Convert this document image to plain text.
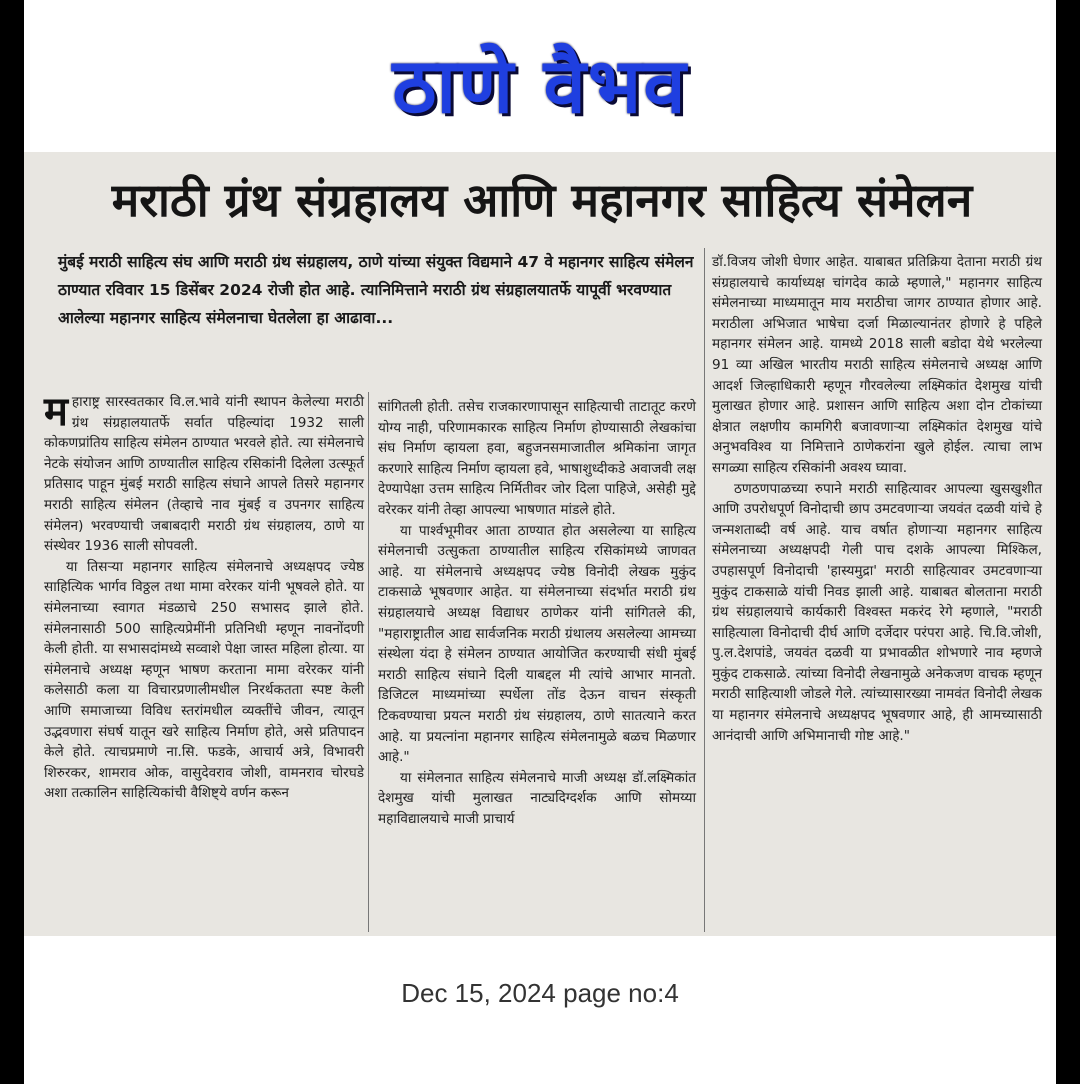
ठाणे वैभव
मराठी ग्रंथ संग्रहालय आणि महानगर साहित्य संमेलन
मुंबई मराठी साहित्य संघ आणि मराठी ग्रंथ संग्रहालय, ठाणे यांच्या संयुक्त विद्यमाने 47 वे महानगर साहित्य संमेलन ठाण्यात रविवार 15 डिसेंबर 2024 रोजी होत आहे. त्यानिमित्ताने मराठी ग्रंथ संग्रहालयातर्फे यापूर्वी भरवण्यात आलेल्या महानगर साहित्य संमेलनाचा घेतलेला हा आढावा...

महाराष्ट्र सारस्वतकार वि.ल.भावे यांनी स्थापन केलेल्या मराठी ग्रंथ संग्रहालयातर्फे सर्वात पहिल्यांदा 1932 साली कोकणप्रांतिय साहित्य संमेलन ठाण्यात भरवले होते. त्या संमेलनाचे नेटके संयोजन आणि ठाण्यातील साहित्य रसिकांनी दिलेला उत्स्फूर्त प्रतिसाद पाहून मुंबई मराठी साहित्य संघाने आपले तिसरे महानगर मराठी साहित्य संमेलन (तेव्हाचे नाव मुंबई व उपनगर साहित्य संमेलन) भरवण्याची जबाबदारी मराठी ग्रंथ संग्रहालय, ठाणे या संस्थेवर 1936 साली सोपवली.

या तिसऱ्या महानगर साहित्य संमेलनाचे अध्यक्षपद ज्येष्ठ साहित्यिक भार्गव विठ्ठल तथा मामा वरेरकर यांनी भूषवले होते. या संमेलनाच्या स्वागत मंडळाचे 250 सभासद झाले होते. संमेलनासाठी 500 साहित्यप्रेमींनी प्रतिनिधी म्हणून नावनोंदणी केली होती. या सभासदांमध्ये सव्वाशे पेक्षा जास्त महिला होत्या. या संमेलनाचे अध्यक्ष म्हणून भाषण करताना मामा वरेरकर यांनी कलेसाठी कला या विचारप्रणालीमधील निरर्थकतता स्पष्ट केली आणि समाजाच्या विविध स्तरांमधील व्यक्तींचे जीवन, त्यातून उद्भवणारा संघर्ष यातून खरे साहित्य निर्माण होते, असे प्रतिपादन केले होते. त्याचप्रमाणे ना.सि. फडके, आचार्य अत्रे, विभावरी शिरुरकर, शामराव ओक, वासुदेवराव जोशी, वामनराव चोरघडे अशा तत्कालिन साहित्यिकांची वैशिष्ट्ये वर्णन करून

सांगितली होती. तसेच राजकारणापासून साहित्याची ताटातूट करणे योग्य नाही, परिणामकारक साहित्य निर्माण होण्यासाठी लेखकांचा संघ निर्माण व्हायला हवा, बहुजनसमाजातील श्रमिकांना जागृत करणारे साहित्य निर्माण व्हायला हवे, भाषाशुध्दीकडे अवाजवी लक्ष देण्यापेक्षा उत्तम साहित्य निर्मितीवर जोर दिला पाहिजे, असेही मुद्दे वरेरकर यांनी तेव्हा आपल्या भाषणात मांडले होते.

या पार्श्वभूमीवर आता ठाण्यात होत असलेल्या या साहित्य संमेलनाची उत्सुकता ठाण्यातील साहित्य रसिकांमध्ये जाणवत आहे. या संमेलनाचे अध्यक्षपद ज्येष्ठ विनोदी लेखक मुकुंद टाकसाळे भूषवणार आहेत. या संमेलनाच्या संदर्भात मराठी ग्रंथ संग्रहालयाचे अध्यक्ष विद्याधर ठाणेकर यांनी सांगितले की, "महाराष्ट्रातील आद्य सार्वजनिक मराठी ग्रंथालय असलेल्या आमच्या संस्थेला यंदा हे संमेलन ठाण्यात आयोजित करण्याची संधी मुंबई मराठी साहित्य संघाने दिली याबद्दल मी त्यांचे आभार मानतो. डिजिटल माध्यमांच्या स्पर्धेला तोंड देऊन वाचन संस्कृती टिकवण्याचा प्रयत्न मराठी ग्रंथ संग्रहालय, ठाणे सातत्याने करत आहे. या प्रयत्नांना महानगर साहित्य संमेलनामुळे बळच मिळणार आहे."

या संमेलनात साहित्य संमेलनाचे माजी अध्यक्ष डॉ.लक्ष्मिकांत देशमुख यांची मुलाखत नाट्यदिग्दर्शक आणि सोमय्या महाविद्यालयाचे माजी प्राचार्य

डॉ.विजय जोशी घेणार आहेत. याबाबत प्रतिक्रिया देताना मराठी ग्रंथ संग्रहालयाचे कार्याध्यक्ष चांगदेव काळे म्हणाले," महानगर साहित्य संमेलनाच्या माध्यमातून माय मराठीचा जागर ठाण्यात होणार आहे. मराठीला अभिजात भाषेचा दर्जा मिळाल्यानंतर होणारे हे पहिले महानगर संमेलन आहे. यामध्ये 2018 साली बडोदा येथे भरलेल्या 91 व्या अखिल भारतीय मराठी साहित्य संमेलनाचे अध्यक्ष आणि आदर्श जिल्हाधिकारी म्हणून गौरवलेल्या लक्ष्मिकांत देशमुख यांची मुलाखत होणार आहे. प्रशासन आणि साहित्य अशा दोन टोकांच्या क्षेत्रात लक्षणीय कामगिरी बजावणाऱ्या लक्ष्मिकांत देशमुख यांचे अनुभवविश्व या निमित्ताने ठाणेकरांना खुले होईल. त्याचा लाभ सगळ्या साहित्य रसिकांनी अवश्य घ्यावा.

ठणठणपाळच्या रुपाने मराठी साहित्यावर आपल्या खुसखुशीत आणि उपरोधपूर्ण विनोदाची छाप उमटवणाऱ्या जयवंत दळवी यांचे हे जन्मशताब्दी वर्ष आहे. याच वर्षात होणाऱ्या महानगर साहित्य संमेलनाच्या अध्यक्षपदी गेली पाच दशके आपल्या मिश्किल, उपहासपूर्ण विनोदाची 'हास्यमुद्रा' मराठी साहित्यावर उमटवणाऱ्या मुकुंद टाकसाळे यांची निवड झाली आहे. याबाबत बोलताना मराठी ग्रंथ संग्रहालयाचे कार्यकारी विश्वस्त मकरंद रेगे म्हणाले, "मराठी साहित्याला विनोदाची दीर्घ आणि दर्जेदार परंपरा आहे. चि.वि.जोशी, पु.ल.देशपांडे, जयवंत दळवी या प्रभावळीत शोभणारे नाव म्हणजे मुकुंद टाकसाळे. त्यांच्या विनोदी लेखनामुळे अनेकजण वाचक म्हणून मराठी साहित्याशी जोडले गेले. त्यांच्यासारख्या नामवंत विनोदी लेखक या महानगर संमेलनाचे अध्यक्षपद भूषवणार आहे, ही आमच्यासाठी आनंदाची आणि अभिमानाची गोष्ट आहे."

Dec 15, 2024 page no:4
